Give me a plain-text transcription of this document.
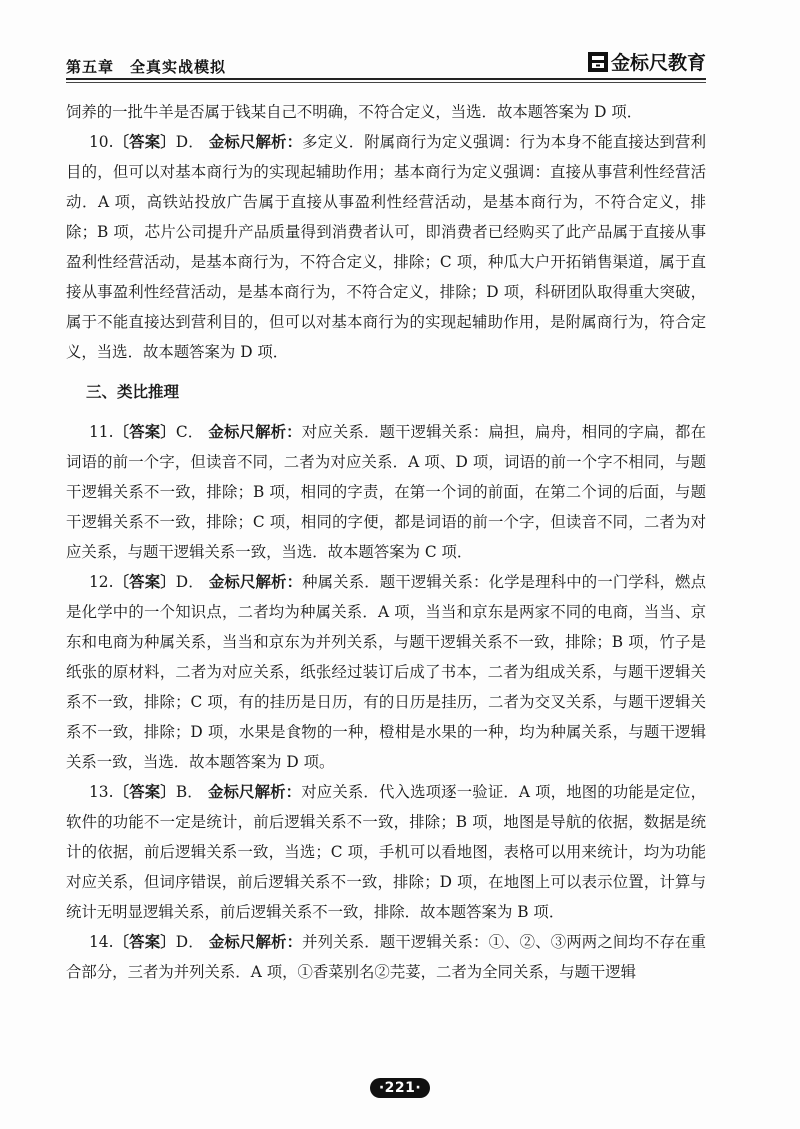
第五章　全真实战模拟	金标尺教育

饲养的一批牛羊是否属于钱某自己不明确，不符合定义，当选．故本题答案为 D 项．

10.〔答案〕D． 金标尺解析：多定义．附属商行为定义强调：行为本身不能直接达到营利目的，但可以对基本商行为的实现起辅助作用；基本商行为定义强调：直接从事营利性经营活动．A 项，高铁站投放广告属于直接从事盈利性经营活动，是基本商行为，不符合定义，排除；B 项，芯片公司提升产品质量得到消费者认可，即消费者已经购买了此产品属于直接从事盈利性经营活动，是基本商行为，不符合定义，排除；C 项，种瓜大户开拓销售渠道，属于直接从事盈利性经营活动，是基本商行为，不符合定义，排除；D 项，科研团队取得重大突破，属于不能直接达到营利目的，但可以对基本商行为的实现起辅助作用，是附属商行为，符合定义，当选．故本题答案为 D 项．

三、类比推理

11.〔答案〕C． 金标尺解析：对应关系．题干逻辑关系：扁担，扁舟，相同的字扁，都在词语的前一个字，但读音不同，二者为对应关系．A 项、D 项，词语的前一个字不相同，与题干逻辑关系不一致，排除；B 项，相同的字责，在第一个词的前面，在第二个词的后面，与题干逻辑关系不一致，排除；C 项，相同的字便，都是词语的前一个字，但读音不同，二者为对应关系，与题干逻辑关系一致，当选．故本题答案为 C 项．

12.〔答案〕D． 金标尺解析：种属关系．题干逻辑关系：化学是理科中的一门学科，燃点是化学中的一个知识点，二者均为种属关系．A 项，当当和京东是两家不同的电商，当当、京东和电商为种属关系，当当和京东为并列关系，与题干逻辑关系不一致，排除；B 项，竹子是纸张的原材料，二者为对应关系，纸张经过装订后成了书本，二者为组成关系，与题干逻辑关系不一致，排除；C 项，有的挂历是日历，有的日历是挂历，二者为交叉关系，与题干逻辑关系不一致，排除；D 项，水果是食物的一种，橙柑是水果的一种，均为种属关系，与题干逻辑关系一致，当选．故本题答案为 D 项。

13.〔答案〕B． 金标尺解析：对应关系．代入选项逐一验证．A 项，地图的功能是定位，软件的功能不一定是统计，前后逻辑关系不一致，排除；B 项，地图是导航的依据，数据是统计的依据，前后逻辑关系一致，当选；C 项，手机可以看地图，表格可以用来统计，均为功能对应关系，但词序错误，前后逻辑关系不一致，排除；D 项，在地图上可以表示位置，计算与统计无明显逻辑关系，前后逻辑关系不一致，排除．故本题答案为 B 项．

14.〔答案〕D． 金标尺解析：并列关系．题干逻辑关系：①、②、③两两之间均不存在重合部分，三者为并列关系．A 项，①香菜别名②芫荽，二者为全同关系，与题干逻辑

·221·
